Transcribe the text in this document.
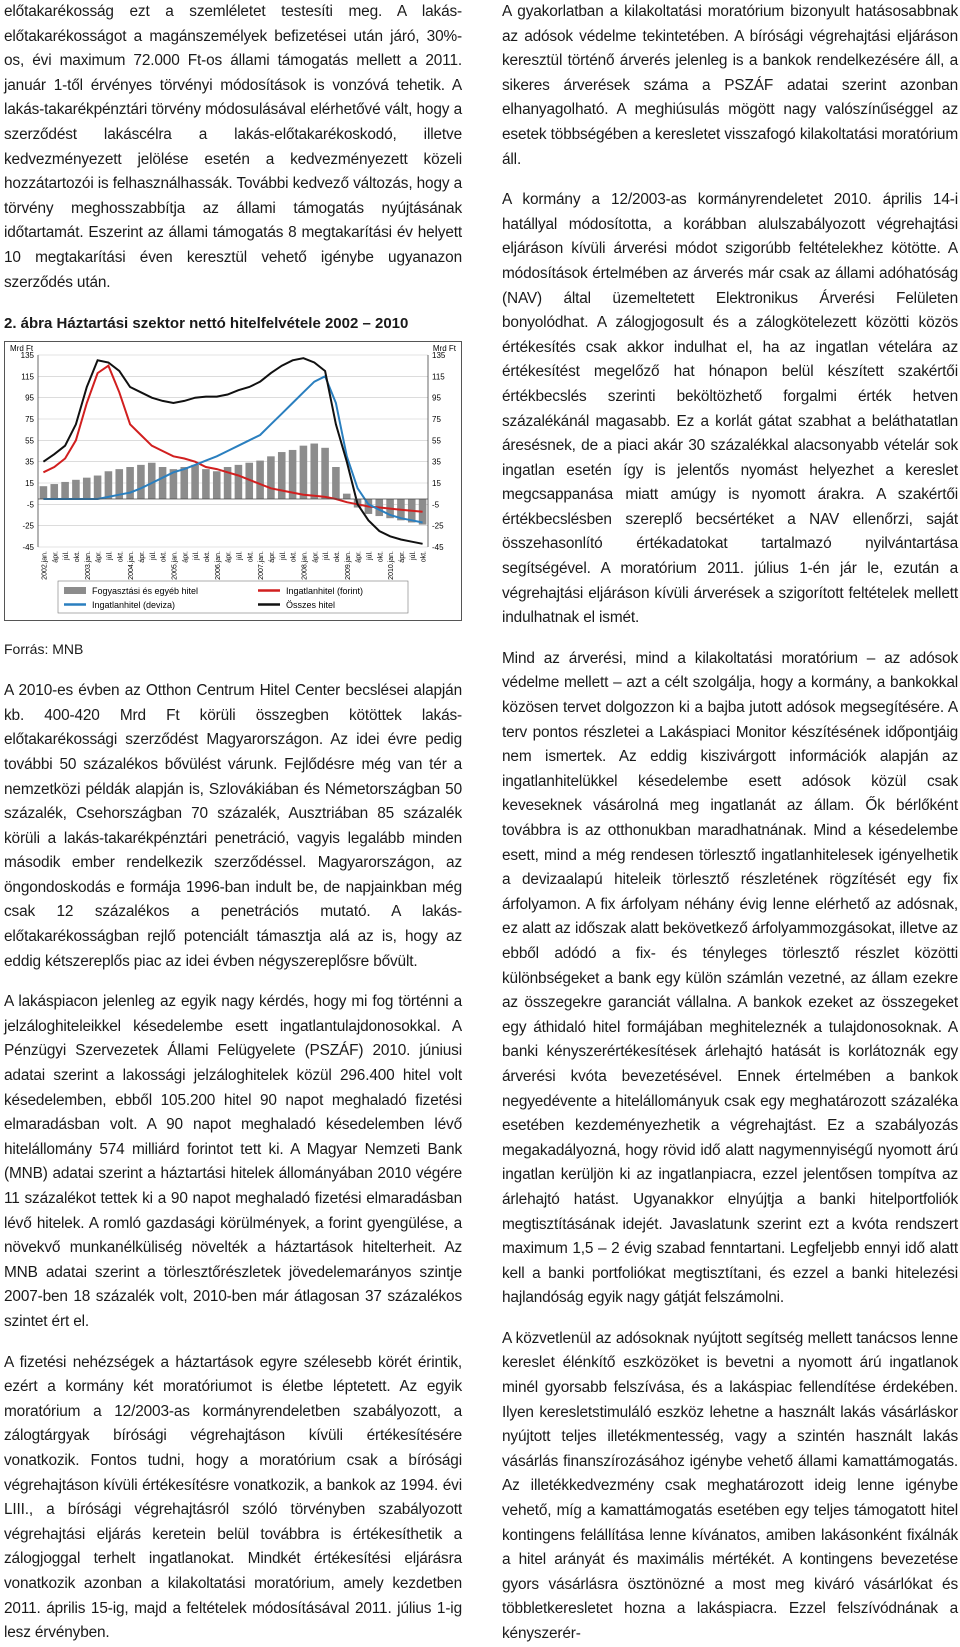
előtakarékosság ezt a szemléletet testesíti meg. A lakás-előtakarékosságot a magánszemélyek befizetései után járó, 30%-os, évi maximum 72.000 Ft-os állami támogatás mellett a 2011. január 1-től érvényes törvényi módosítások is vonzóvá tehetik. A lakás-takarékpénztári törvény módosulásával elérhetővé vált, hogy a szerződést lakáscélra a lakás-előtakarékoskodó, illetve kedvezményezett jelölése esetén a kedvezményezett közeli hozzátartozói is felhasználhassák. További kedvező változás, hogy a törvény meghosszabbítja az állami támogatás nyújtásának időtartamát. Eszerint az állami támogatás 8 megtakarítási év helyett 10 megtakarítási éven keresztül vehető igénybe ugyanazon szerződés után.

2. ábra Háztartási szektor nettó hitelfelvétele 2002 – 2010
Mrd Ft	Mrd Ft
135	135
115	115
95	95
75	75
55	55
35	35
15	15
-5	-5
-25	-25
-45	-45
2002.jan. ápr. júl. okt. 2003.jan. ápr. júl. okt. 2004.jan. ápr. júl. okt. 2005.jan. ápr. júl. okt. 2006.jan. ápr. júl. okt. 2007.jan. ápr. júl. okt. 2008.jan. ápr. júl. okt. 2009.jan. ápr. júl. okt. 2010.jan. ápr. júl. okt.
Fogyasztási és egyéb hitel	Ingatlanhitel (forint)
Ingatlanhitel (deviza)	Összes hitel
Forrás: MNB

A 2010-es évben az Otthon Centrum Hitel Center becslései alapján kb. 400-420 Mrd Ft körüli összegben kötöttek lakás-előtakarékossági szerződést Magyarországon. Az idei évre pedig további 50 százalékos bővülést várunk. Fejlődésre még van tér a nemzetközi példák alapján is, Szlovákiában és Németországban 50 százalék, Csehországban 70 százalék, Ausztriában 85 százalék körüli a lakás-takarékpénztári penetráció, vagyis legalább minden második ember rendelkezik szerződéssel. Magyarországon, az öngondoskodás e formája 1996-ban indult be, de napjainkban még csak 12 százalékos a penetrációs mutató. A lakás-előtakarékosságban rejlő potenciált támasztja alá az is, hogy az eddig kétszereplős piac az idei évben négyszereplősre bővült.

A lakáspiacon jelenleg az egyik nagy kérdés, hogy mi fog történni a jelzáloghiteleikkel késedelembe esett ingatlantulajdonosokkal. A Pénzügyi Szervezetek Állami Felügyelete (PSZÁF) 2010. júniusi adatai szerint a lakossági jelzáloghitelek közül 296.400 hitel volt késedelemben, ebből 105.200 hitel 90 napot meghaladó fizetési elmaradásban volt. A 90 napot meghaladó késedelemben lévő hitelállomány 574 milliárd forintot tett ki. A Magyar Nemzeti Bank (MNB) adatai szerint a háztartási hitelek állományában 2010 végére 11 százalékot tettek ki a 90 napot meghaladó fizetési elmaradásban lévő hitelek. A romló gazdasági körülmények, a forint gyengülése, a növekvő munkanélküliség növelték a háztartások hitelterheit. Az MNB adatai szerint a törlesztőrészletek jövedelemarányos szintje 2007-ben 18 százalék volt, 2010-ben már átlagosan 37 százalékos szintet ért el.

A fizetési nehézségek a háztartások egyre szélesebb körét érintik, ezért a kormány két moratóriumot is életbe léptetett. Az egyik moratórium a 12/2003-as kormányrendeletben szabályozott, a zálogtárgyak bírósági végrehajtáson kívüli értékesítésére vonatkozik. Fontos tudni, hogy a moratórium csak a bírósági végrehajtáson kívüli értékesítésre vonatkozik, a bankok az 1994. évi LIII., a bírósági végrehajtásról szóló törvényben szabályozott végrehajtási eljárás keretein belül továbbra is értékesíthetik a zálogjoggal terhelt ingatlanokat. Mindkét értékesítési eljárásra vonatkozik azonban a kilakoltatási moratórium, amely kezdetben 2011. április 15-ig, majd a feltételek módosításával 2011. július 1-ig lesz érvényben.

A gyakorlatban a kilakoltatási moratórium bizonyult hatásosabbnak az adósok védelme tekintetében. A bírósági végrehajtási eljáráson keresztül történő árverés jelenleg is a bankok rendelkezésére áll, a sikeres árverések száma a PSZÁF adatai szerint azonban elhanyagolható. A meghiúsulás mögött nagy valószínűséggel az esetek többségében a keresletet visszafogó kilakoltatási moratórium áll.

A kormány a 12/2003-as kormányrendeletet 2010. április 14-i hatállyal módosította, a korábban alulszabályozott végrehajtási eljáráson kívüli árverési módot szigorúbb feltételekhez kötötte. A módosítások értelmében az árverés már csak az állami adóhatóság (NAV) által üzemeltetett Elektronikus Árverési Felületen bonyolódhat. A zálogjogosult és a zálogkötelezett közötti közös értékesítés csak akkor indulhat el, ha az ingatlan vételára az értékesítést megelőző hat hónapon belül készített szakértői értékbecslés szerinti beköltözhető forgalmi érték hetven százalékánál magasabb. Ez a korlát gátat szabhat a beláthatatlan áresésnek, de a piaci akár 30 százalékkal alacsonyabb vételár sok ingatlan esetén így is jelentős nyomást helyezhet a kereslet megcsappanása miatt amúgy is nyomott árakra. A szakértői értékbecslésben szereplő becsértéket a NAV ellenőrzi, saját összehasonlító értékadatokat tartalmazó nyilvántartása segítségével. A moratórium 2011. július 1-én jár le, ezután a végrehajtási eljáráson kívüli árverések a szigorított feltételek mellett indulhatnak el ismét.

Mind az árverési, mind a kilakoltatási moratórium – az adósok védelme mellett – azt a célt szolgálja, hogy a kormány, a bankokkal közösen tervet dolgozzon ki a bajba jutott adósok megsegítésére. A terv pontos részletei a Lakáspiaci Monitor készítésének időpontjáig nem ismertek. Az eddig kiszivárgott információk alapján az ingatlanhitelükkel késedelembe esett adósok közül csak keveseknek vásárolná meg ingatlanát az állam. Ők bérlőként továbbra is az otthonukban maradhatnának. Mind a késedelembe esett, mind a még rendesen törlesztő ingatlanhitelesek igényelhetik a devizaalapú hiteleik törlesztő részletének rögzítését egy fix árfolyamon. A fix árfolyam néhány évig lenne elérhető az adósnak, ez alatt az időszak alatt bekövetkező árfolyammozgásokat, illetve az ebből adódó a fix- és tényleges törlesztő részlet közötti különbségeket a bank egy külön számlán vezetné, az állam ezekre az összegekre garanciát vállalna. A bankok ezeket az összegeket egy áthidaló hitel formájában meghiteleznék a tulajdonosoknak. A banki kényszerértékesítések árlehajtó hatását is korlátoznák egy árverési kvóta bevezetésével. Ennek értelmében a bankok negyedévente a hitelállományuk csak egy meghatározott százaléka esetében kezdeményezhetik a végrehajtást. Ez a szabályozás megakadályozná, hogy rövid idő alatt nagymennyiségű nyomott árú ingatlan kerüljön ki az ingatlanpiacra, ezzel jelentősen tompítva az árlehajtó hatást. Ugyanakkor elnyújtja a banki hitelportfoliók megtisztításának idejét. Javaslatunk szerint ezt a kvóta rendszert maximum 1,5 – 2 évig szabad fenntartani. Legfeljebb ennyi idő alatt kell a banki portfoliókat megtisztítani, és ezzel a banki hitelezési hajlandóság egyik nagy gátját felszámolni.

A közvetlenül az adósoknak nyújtott segítség mellett tanácsos lenne kereslet élénkítő eszközöket is bevetni a nyomott árú ingatlanok minél gyorsabb felszívása, és a lakáspiac fellendítése érdekében. Ilyen keresletstimuláló eszköz lehetne a használt lakás vásárláskor nyújtott teljes illetékmentesség, vagy a szintén használt lakás vásárlás finanszírozásához igénybe vehető állami kamattámogatás. Az illetékkedvezmény csak meghatározott ideig lenne igénybe vehető, míg a kamattámogatás esetében egy teljes támogatott hitel kontingens felállítása lenne kívánatos, amiben lakásonként fixálnák a hitel arányát és maximális mértékét. A kontingens bevezetése gyors vásárlásra ösztönözné a most meg kiváró vásárlókat és többletkeresletet hozna a lakáspiacra. Ezzel felszívódnának a kényszerér-
